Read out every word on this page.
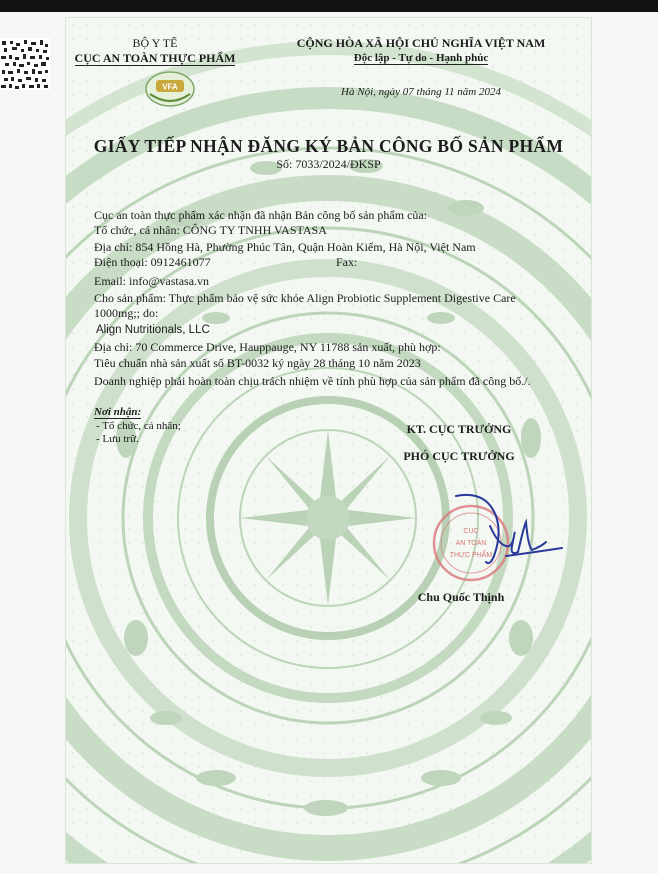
BỘ Y TẾ
CỤC AN TOÀN THỰC PHẨM
VFA
CỘNG HÒA XÃ HỘI CHỦ NGHĨA VIỆT NAM
Độc lập - Tự do - Hạnh phúc
Hà Nội, ngày 07 tháng 11 năm 2024
GIẤY TIẾP NHẬN ĐĂNG KÝ BẢN CÔNG BỐ SẢN PHẨM
Số: 7033/2024/ĐKSP
Cục an toàn thực phẩm xác nhận đã nhận Bản công bố sản phẩm của:
Tổ chức, cá nhân: CÔNG TY TNHH VASTASA
Địa chỉ: 854 Hồng Hà, Phường Phúc Tân, Quận Hoàn Kiếm, Hà Nội, Việt Nam
Điện thoại: 0912461077	Fax:
Email: info@vastasa.vn
Cho sản phẩm: Thực phẩm bảo vệ sức khỏe Align Probiotic Supplement Digestive Care
1000mg;; do:
Align Nutritionals, LLC
Địa chỉ: 70 Commerce Drive, Hauppauge, NY 11788 sản xuất, phù hợp:
Tiêu chuẩn nhà sản xuất số BT-0032 ký ngày 28 tháng 10 năm 2023
Doanh nghiệp phải hoàn toàn chịu trách nhiệm về tính phù hợp của sản phẩm đã công bố./.
Nơi nhận:
- Tổ chức, cá nhân;
- Lưu trữ.
KT. CỤC TRƯỞNG
PHÓ CỤC TRƯỞNG
CỤC
AN TOÀN
THỰC PHẨM
Chu Quốc Thịnh
